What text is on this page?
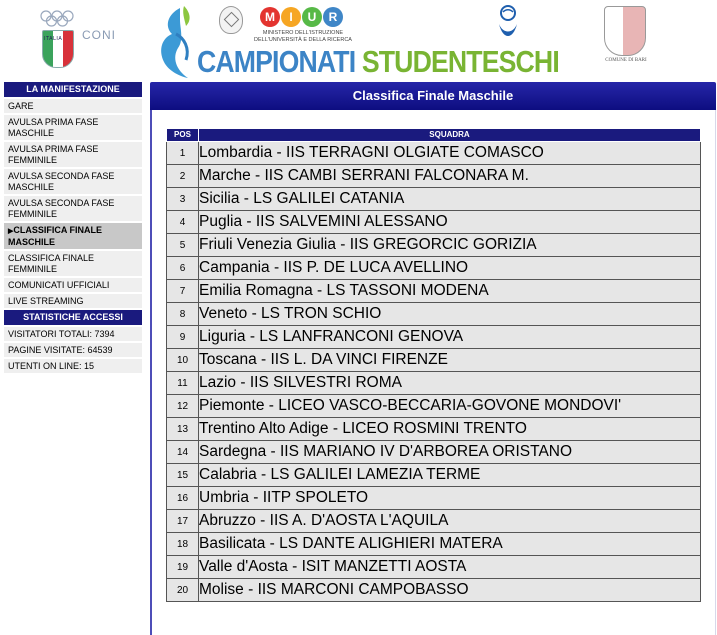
ITALIA CONI
M I U R
MINISTERO DELL'ISTRUZIONE
DELL'UNIVERSITÀ E DELLA RICERCA
CAMPIONATI STUDENTESCHI	COMUNE DI BARI
LA MANIFESTAZIONE
GARE
AVULSA PRIMA FASE MASCHILE
AVULSA PRIMA FASE FEMMINILE
AVULSA SECONDA FASE MASCHILE
AVULSA SECONDA FASE FEMMINILE
▶CLASSIFICA FINALE MASCHILE
CLASSIFICA FINALE FEMMINILE
COMUNICATI UFFICIALI
LIVE STREAMING
STATISTICHE ACCESSI
VISITATORI TOTALI: 7394
PAGINE VISITATE: 64539
UTENTI ON LINE: 15
Classifica Finale Maschile
POS	SQUADRA
1	Lombardia - IIS TERRAGNI OLGIATE COMASCO
2	Marche - IIS CAMBI SERRANI FALCONARA M.
3	Sicilia - LS GALILEI CATANIA
4	Puglia - IIS SALVEMINI ALESSANO
5	Friuli Venezia Giulia - IIS GREGORCIC GORIZIA
6	Campania - IIS P. DE LUCA AVELLINO
7	Emilia Romagna - LS TASSONI MODENA
8	Veneto - LS TRON SCHIO
9	Liguria - LS LANFRANCONI GENOVA
10	Toscana - IIS L. DA VINCI FIRENZE
11	Lazio - IIS SILVESTRI ROMA
12	Piemonte - LICEO VASCO-BECCARIA-GOVONE MONDOVI'
13	Trentino Alto Adige - LICEO ROSMINI TRENTO
14	Sardegna - IIS MARIANO IV D'ARBOREA ORISTANO
15	Calabria - LS GALILEI LAMEZIA TERME
16	Umbria - IITP SPOLETO
17	Abruzzo - IIS A. D'AOSTA L'AQUILA
18	Basilicata - LS DANTE ALIGHIERI MATERA
19	Valle d'Aosta - ISIT MANZETTI AOSTA
20	Molise - IIS MARCONI CAMPOBASSO
